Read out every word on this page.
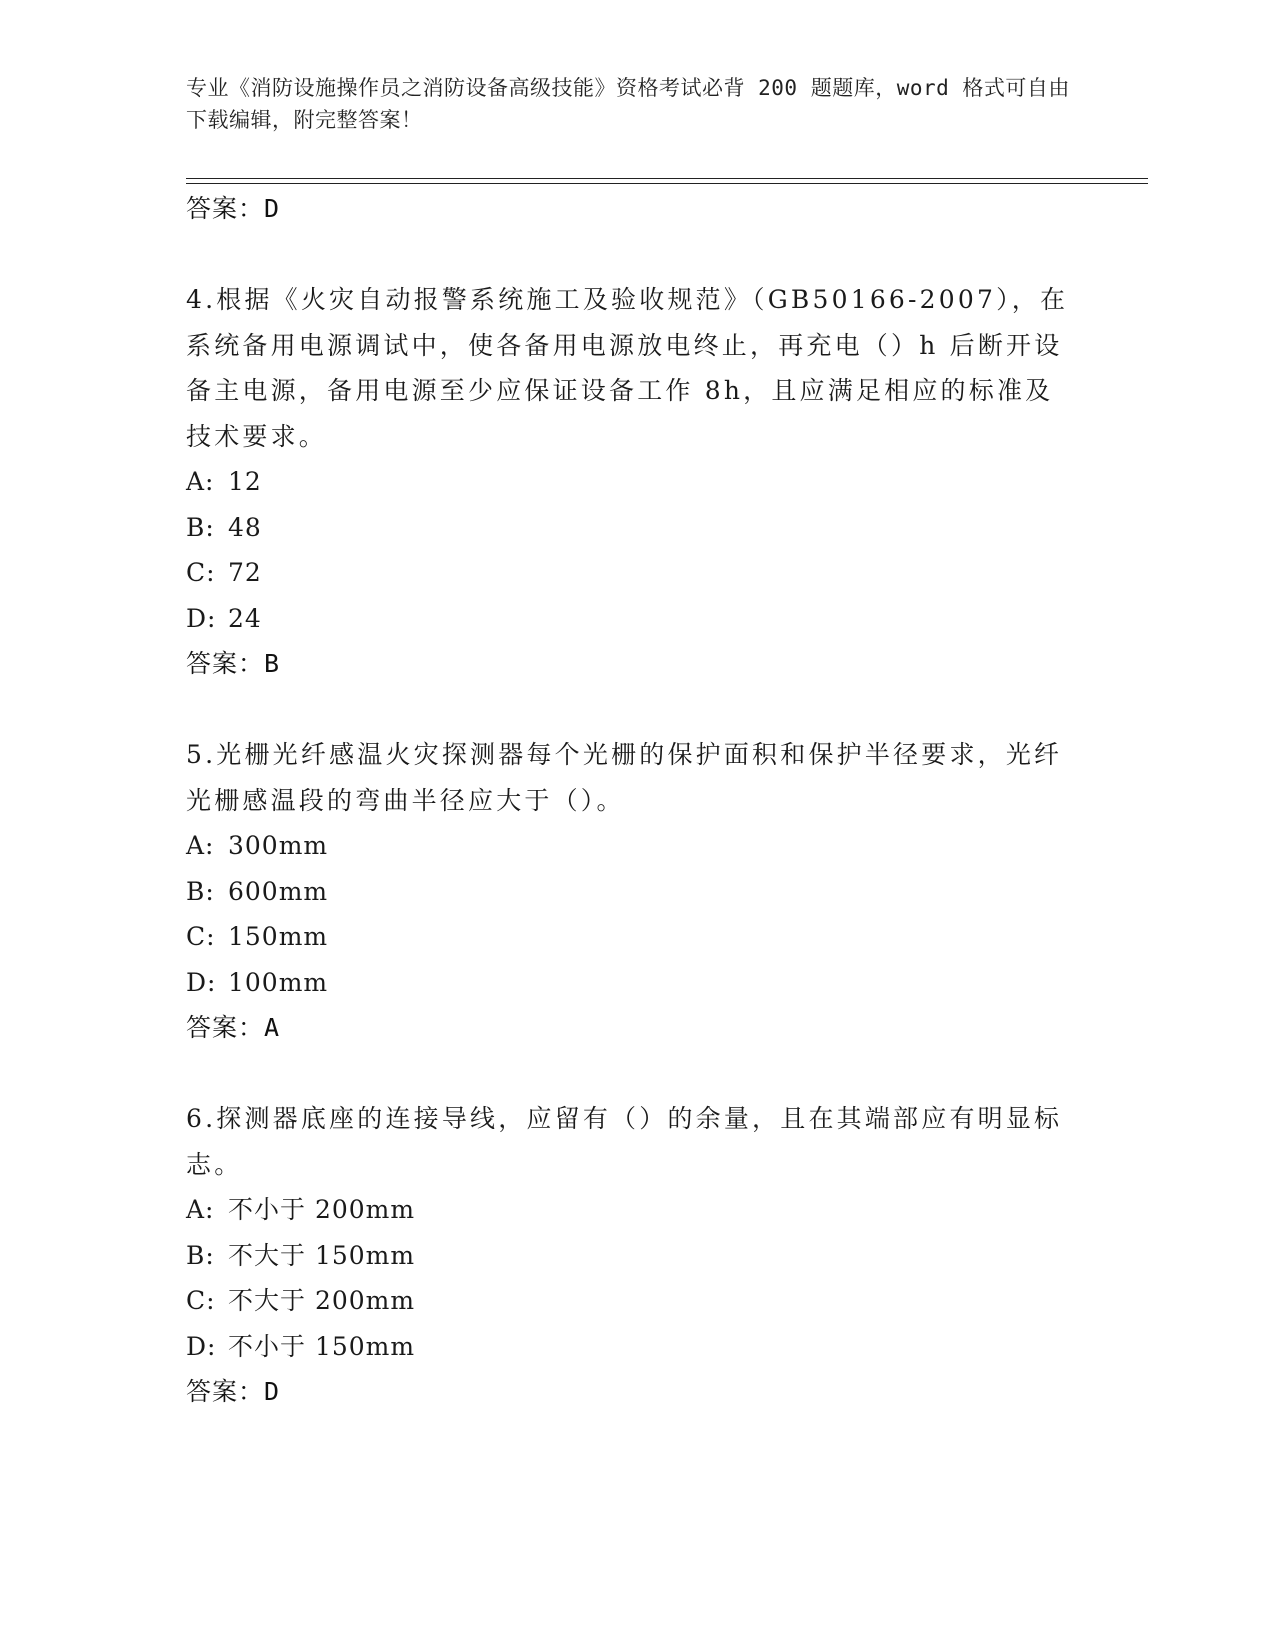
专业《消防设施操作员之消防设备高级技能》资格考试必背 200 题题库，word 格式可自由下载编辑，附完整答案！
答案：D
4.根据《火灾自动报警系统施工及验收规范》（GB50166-2007），在系统备用电源调试中，使各备用电源放电终止，再充电（）h 后断开设备主电源，备用电源至少应保证设备工作 8h，且应满足相应的标准及技术要求。
A: 12
B: 48
C: 72
D: 24
答案：B
5.光栅光纤感温火灾探测器每个光栅的保护面积和保护半径要求，光纤光栅感温段的弯曲半径应大于（）。
A: 300mm
B: 600mm
C: 150mm
D: 100mm
答案：A
6.探测器底座的连接导线，应留有（）的余量，且在其端部应有明显标志。
A: 不小于 200mm
B: 不大于 150mm
C: 不大于 200mm
D: 不小于 150mm
答案：D
